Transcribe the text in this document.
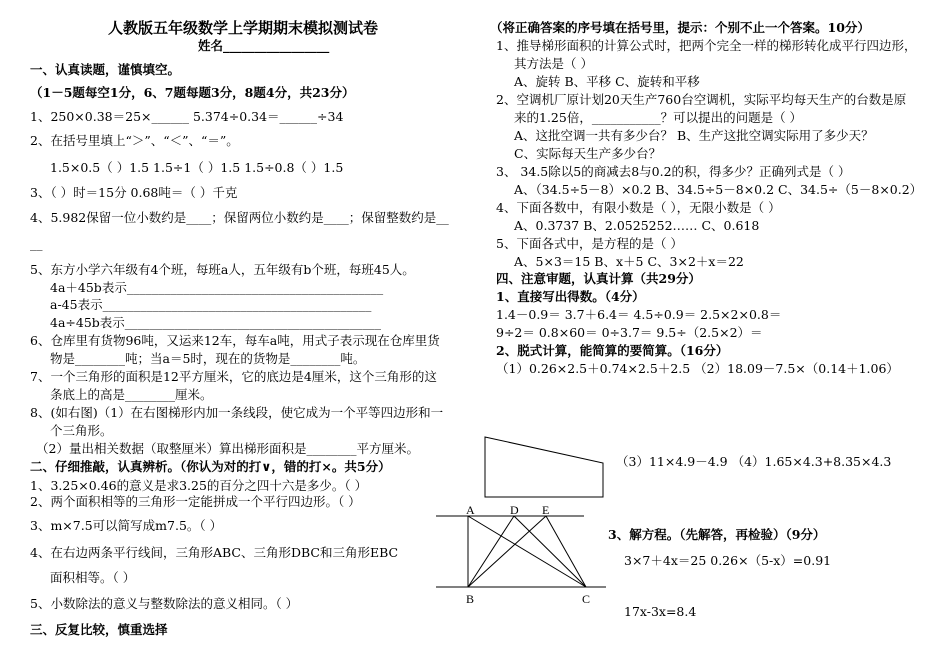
人教版五年级数学上学期期末模拟测试卷
姓名_________________
一、认真读题，谨慎填空。
（1－5题每空1分，6、7题每题3分，8题4分，共23分）
1、250×0.38＝25×______ 5.374÷0.34＝______÷34
2、在括号里填上“＞”、“＜”、“＝”。
1.5×0.5（ ）1.5 1.5÷1（ ）1.5 1.5÷0.8（ ）1.5
3、（ ）时＝15分 0.68吨＝（ ）千克
4、5.982保留一位小数约是____；保留两位小数约是____；保留整数约是__
__
5、东方小学六年级有4个班，每班a人，五年级有b个班，每班45人。
4a＋45b表示_________________________________________
a-45表示___________________________________________
4a÷45b表示_________________________________________
6、仓库里有货物96吨，又运来12车，每车a吨，用式子表示现在仓库里货
物是________吨；当a＝5时，现在的货物是________吨。
7、一个三角形的面积是12平方厘米，它的底边是4厘米，这个三角形的这
条底上的高是________厘米。
8、(如右图)（1）在右图梯形内加一条线段，使它成为一个平等四边形和一
个三角形。
（2）量出相关数据（取整厘米）算出梯形面积是________平方厘米。
二、仔细推敲，认真辨析。（你认为对的打∨，错的打×。共5分）
1、3.25×0.46的意义是求3.25的百分之四十六是多少。（ ）
2、两个面积相等的三角形一定能拼成一个平行四边形。（ ）
3、m×7.5可以简写成m7.5。（ ）
4、在右边两条平行线间，三角形ABC、三角形DBC和三角形EBC
面积相等。（ ）
5、小数除法的意义与整数除法的意义相同。（ ）
三、反复比较，慎重选择
（将正确答案的序号填在括号里，提示：个别不止一个答案。10分）
1、推导梯形面积的计算公式时，把两个完全一样的梯形转化成平行四边形，
其方法是（ ）
A、旋转 B、平移 C、旋转和平移
2、空调机厂原计划20天生产760台空调机，实际平均每天生产的台数是原
来的1.25倍，___________？可以提出的问题是（ ）
A、这批空调一共有多少台？ B、生产这批空调实际用了多少天？
C、实际每天生产多少台？
3、 34.5除以5的商减去8与0.2的积，得多少？正确列式是（ ）
A、（34.5÷5－8）×0.2 B、34.5÷5－8×0.2 C、34.5÷（5－8×0.2）
4、下面各数中，有限小数是（ ），无限小数是（ ）
A、0.3737 B、2.0525252…… C、0.618
5、下面各式中，是方程的是（ ）
A、5×3＝15 B、x＋5 C、3×2＋x＝22
四、注意审题，认真计算（共29分）
1、直接写出得数。（4分）
1.4－0.9＝ 3.7＋6.4＝ 4.5÷0.9＝ 2.5×2×0.8＝
9÷2＝ 0.8×60＝ 0÷3.7＝ 9.5÷（2.5×2）＝
2、脱式计算，能简算的要简算。（16分）
（1）0.26×2.5＋0.74×2.5＋2.5 （2）18.09－7.5×（0.14＋1.06）
（3）11×4.9－4.9 （4）1.65×4.3+8.35×4.3
3、解方程。（先解答，再检验）（9分）
3×7＋4x＝25 0.26×（5-x）=0.91
17x-3x=8.4
A	D E
B	C
